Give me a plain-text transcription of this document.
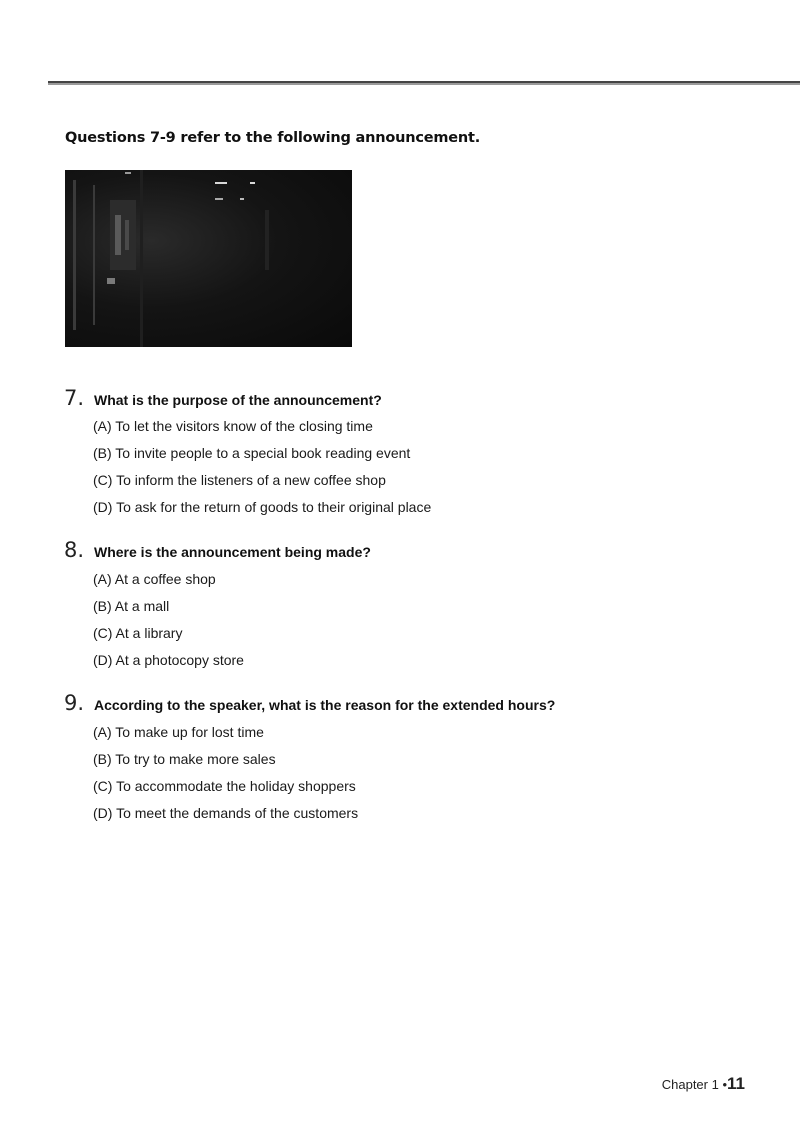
Questions 7-9 refer to the following announcement.
7. What is the purpose of the announcement?
(A) To let the visitors know of the closing time
(B) To invite people to a special book reading event
(C) To inform the listeners of a new coffee shop
(D) To ask for the return of goods to their original place
8. Where is the announcement being made?
(A) At a coffee shop
(B) At a mall
(C) At a library
(D) At a photocopy store
9. According to the speaker, what is the reason for the extended hours?
(A) To make up for lost time
(B) To try to make more sales
(C) To accommodate the holiday shoppers
(D) To meet the demands of the customers
Chapter 1 •11
